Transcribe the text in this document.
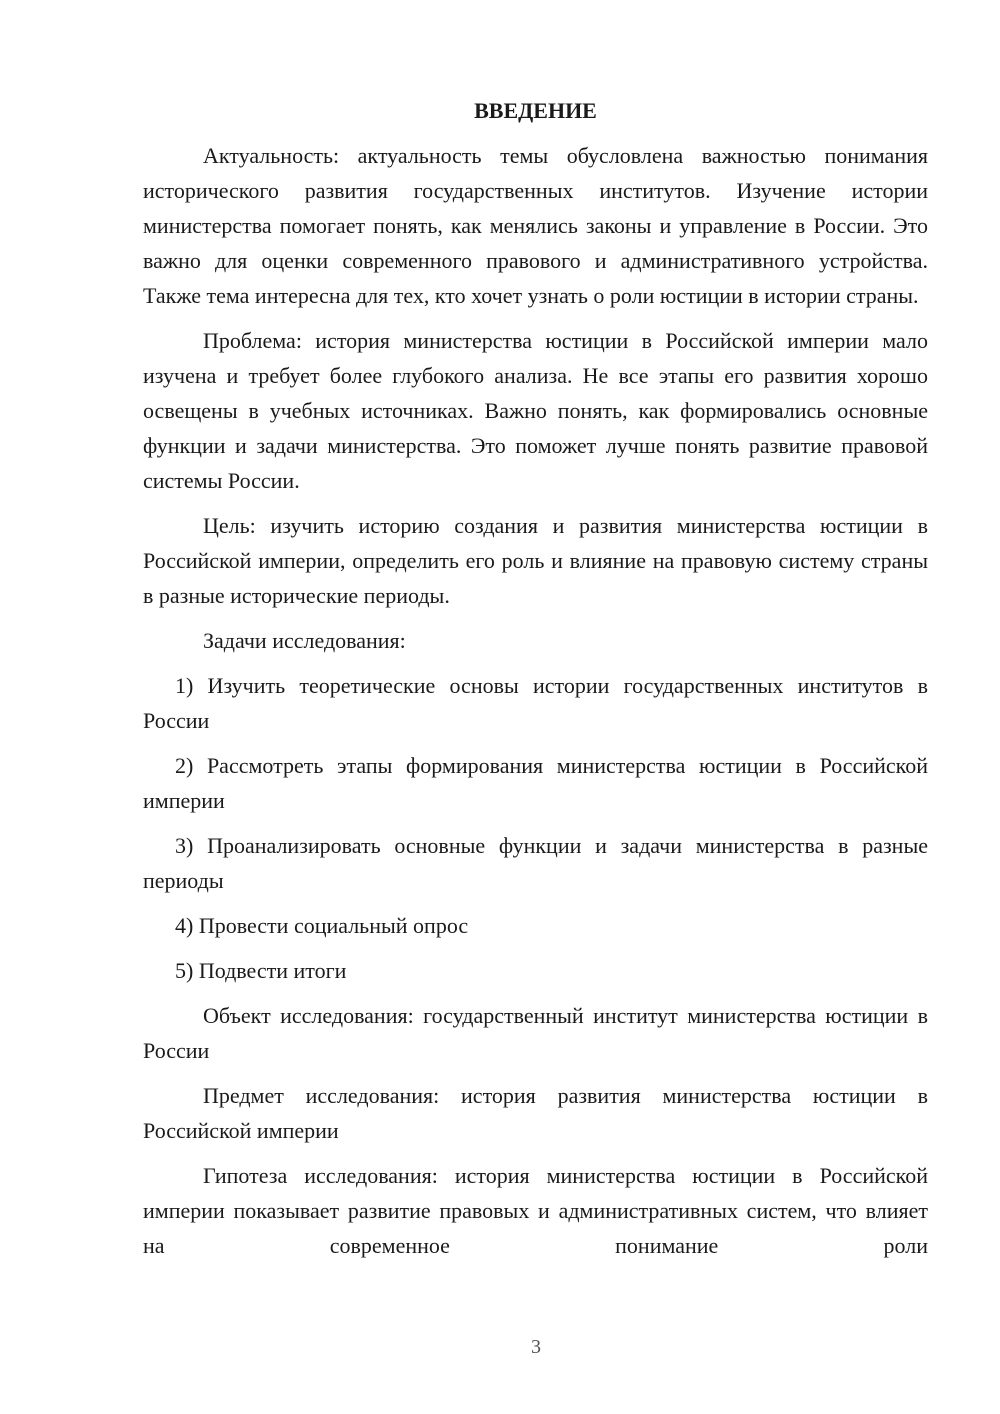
ВВЕДЕНИЕ

Актуальность: актуальность темы обусловлена важностью понимания исторического развития государственных институтов. Изучение истории министерства помогает понять, как менялись законы и управление в России. Это важно для оценки современного правового и административного устройства. Также тема интересна для тех, кто хочет узнать о роли юстиции в истории страны.

Проблема: история министерства юстиции в Российской империи мало изучена и требует более глубокого анализа. Не все этапы его развития хорошо освещены в учебных источниках. Важно понять, как формировались основные функции и задачи министерства. Это поможет лучше понять развитие правовой системы России.

Цель: изучить историю создания и развития министерства юстиции в Российской империи, определить его роль и влияние на правовую систему страны в разные исторические периоды.

Задачи исследования:

1) Изучить теоретические основы истории государственных институтов в России

2) Рассмотреть этапы формирования министерства юстиции в Российской империи

3) Проанализировать основные функции и задачи министерства в разные периоды

4) Провести социальный опрос

5) Подвести итоги

Объект исследования: государственный институт министерства юстиции в России

Предмет исследования: история развития министерства юстиции в Российской империи

Гипотеза исследования: история министерства юстиции в Российской империи показывает развитие правовых и административных систем, что влияет на современное понимание роли

3
